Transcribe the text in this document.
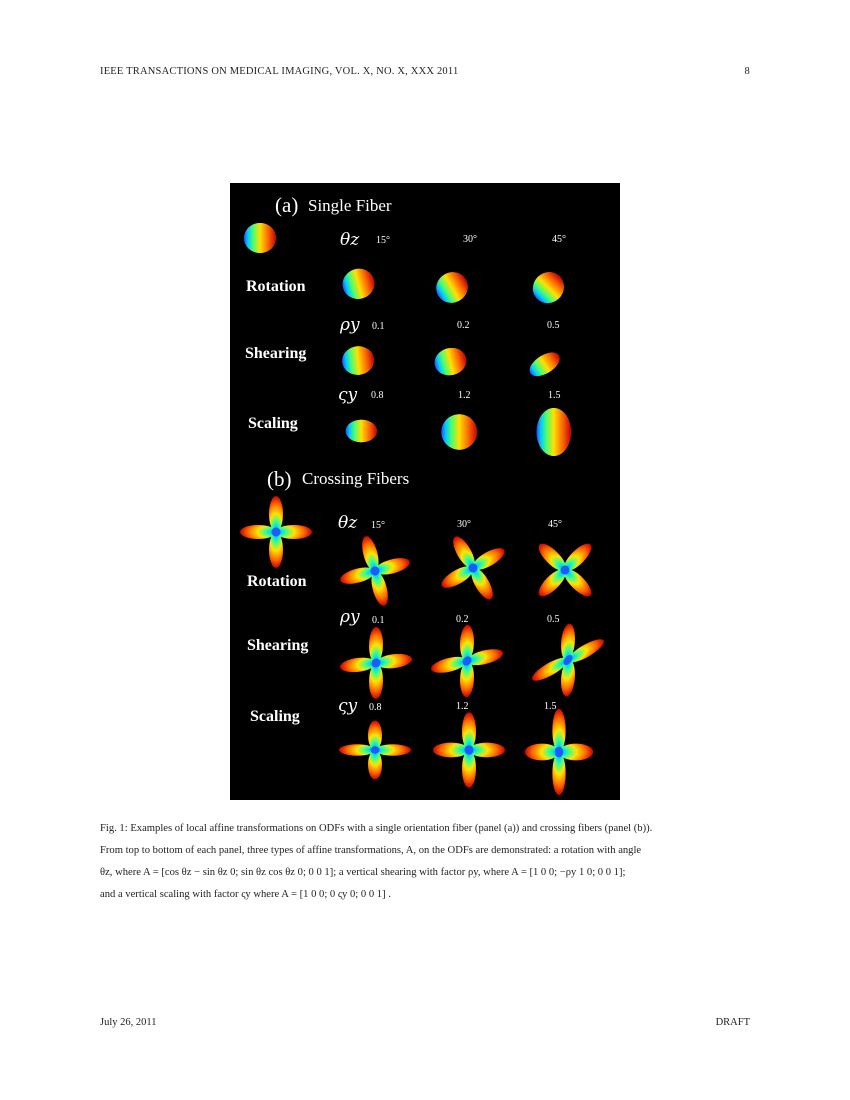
IEEE TRANSACTIONS ON MEDICAL IMAGING, VOL. X, NO. X, XXX 2011	8
(a) Single Fiber
θz 15°	30°	45°
Rotation
ρy 0.1	0.2	0.5
Shearing
ςy 0.8	1.2	1.5
Scaling
(b) Crossing Fibers
θz 15°	30°	45°
Rotation
ρy 0.1	0.2	0.5
Shearing
ςy 0.8	1.2	1.5
Scaling
Fig. 1: Examples of local affine transformations on ODFs with a single orientation fiber (panel (a)) and crossing fibers (panel (b)).
From top to bottom of each panel, three types of affine transformations, A, on the ODFs are demonstrated: a rotation with angle
θz, where A = [cos θz − sin θz 0; sin θz cos θz 0; 0 0 1]; a vertical shearing with factor ρy, where A = [1 0 0; −ρy 1 0; 0 0 1];
and a vertical scaling with factor ςy where A = [1 0 0; 0 ςy 0; 0 0 1] .
July 26, 2011	DRAFT
